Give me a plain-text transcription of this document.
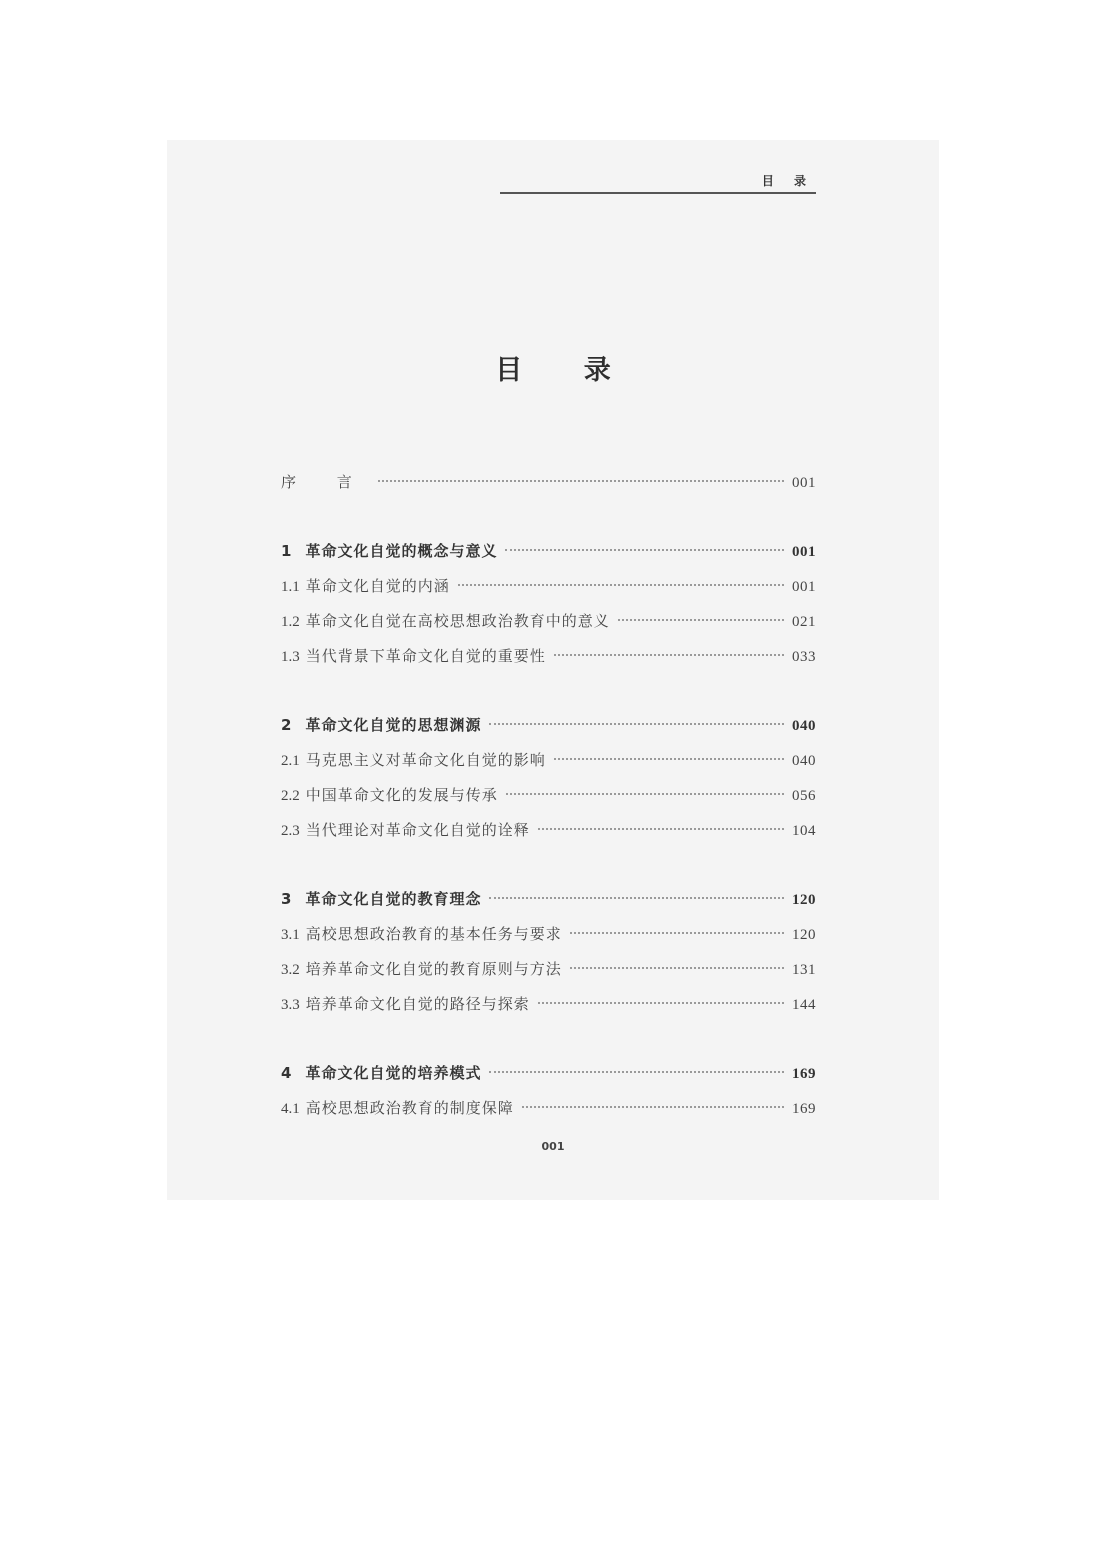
目 录
目 录
序 言	001
1 革命文化自觉的概念与意义	001
1.1 革命文化自觉的内涵	001
1.2 革命文化自觉在高校思想政治教育中的意义	021
1.3 当代背景下革命文化自觉的重要性	033
2 革命文化自觉的思想渊源	040
2.1 马克思主义对革命文化自觉的影响	040
2.2 中国革命文化的发展与传承	056
2.3 当代理论对革命文化自觉的诠释	104
3 革命文化自觉的教育理念	120
3.1 高校思想政治教育的基本任务与要求	120
3.2 培养革命文化自觉的教育原则与方法	131
3.3 培养革命文化自觉的路径与探索	144
4 革命文化自觉的培养模式	169
4.1 高校思想政治教育的制度保障	169
001
